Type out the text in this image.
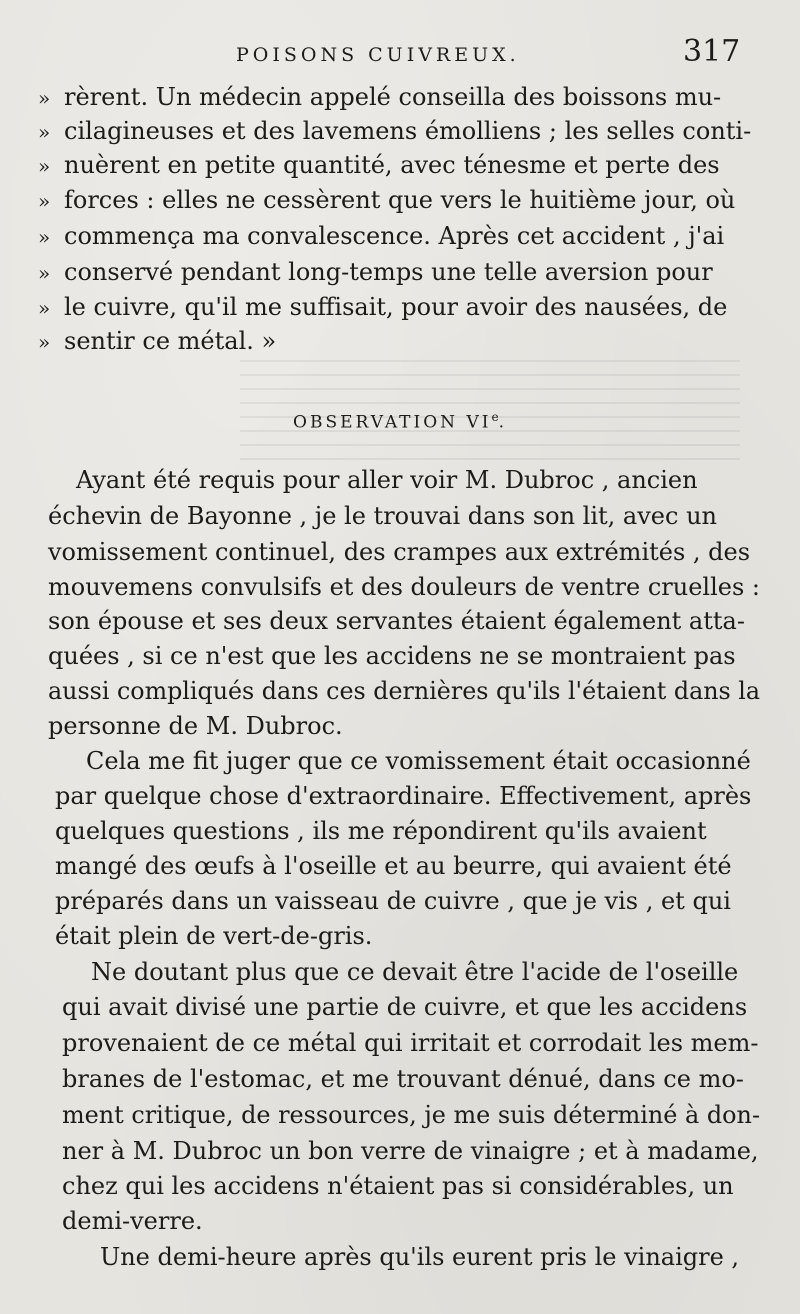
POISONS CUIVREUX.	317
» rèrent. Un médecin appelé conseilla des boissons mu-
» cilagineuses et des lavemens émolliens ; les selles conti-
» nuèrent en petite quantité, avec ténesme et perte des
» forces : elles ne cessèrent que vers le huitième jour, où
» commença ma convalescence. Après cet accident , j'ai
» conservé pendant long-temps une telle aversion pour
» le cuivre, qu'il me suffisait, pour avoir des nausées, de
» sentir ce métal. »
OBSERVATION VIe.
Ayant été requis pour aller voir M. Dubroc , ancien
échevin de Bayonne , je le trouvai dans son lit, avec un
vomissement continuel, des crampes aux extrémités , des
mouvemens convulsifs et des douleurs de ventre cruelles :
son épouse et ses deux servantes étaient également atta-
quées , si ce n'est que les accidens ne se montraient pas
aussi compliqués dans ces dernières qu'ils l'étaient dans la
personne de M. Dubroc.
Cela me fit juger que ce vomissement était occasionné
par quelque chose d'extraordinaire. Effectivement, après
quelques questions , ils me répondirent qu'ils avaient
mangé des œufs à l'oseille et au beurre, qui avaient été
préparés dans un vaisseau de cuivre , que je vis , et qui
était plein de vert-de-gris.
Ne doutant plus que ce devait être l'acide de l'oseille
qui avait divisé une partie de cuivre, et que les accidens
provenaient de ce métal qui irritait et corrodait les mem-
branes de l'estomac, et me trouvant dénué, dans ce mo-
ment critique, de ressources, je me suis déterminé à don-
ner à M. Dubroc un bon verre de vinaigre ; et à madame,
chez qui les accidens n'étaient pas si considérables, un
demi-verre.
Une demi-heure après qu'ils eurent pris le vinaigre ,
